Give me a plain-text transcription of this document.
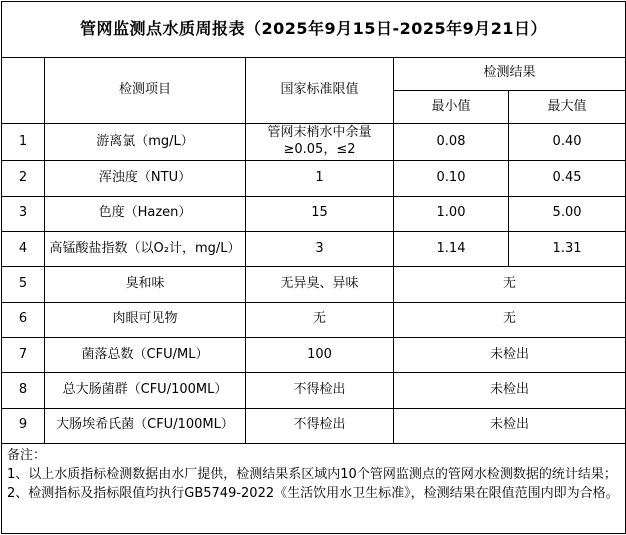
管网监测点水质周报表（2025年9月15日-2025年9月21日）				
	检测项目	国家标准限值	检测结果	
			最小值	最大值
1	游离氯（mg/L）	管网末梢水中余量≥0.05，≤2	0.08	0.40
2	浑浊度（NTU）	1	0.10	0.45
3	色度（Hazen）	15	1.00	5.00
4	高锰酸盐指数（以O₂计，mg/L）	3	1.14	1.31
5	臭和味	无异臭、异味	无	
6	肉眼可见物	无	无	
7	菌落总数（CFU/ML）	100	未检出	
8	总大肠菌群（CFU/100ML）	不得检出	未检出	
9	大肠埃希氏菌（CFU/100ML）	不得检出	未检出	

备注：
1、以上水质指标检测数据由水厂提供，检测结果系区域内10个管网监测点的管网水检测数据的统计结果；
2、检测指标及指标限值均执行GB5749-2022《生活饮用水卫生标准》，检测结果在限值范围内即为合格。				
